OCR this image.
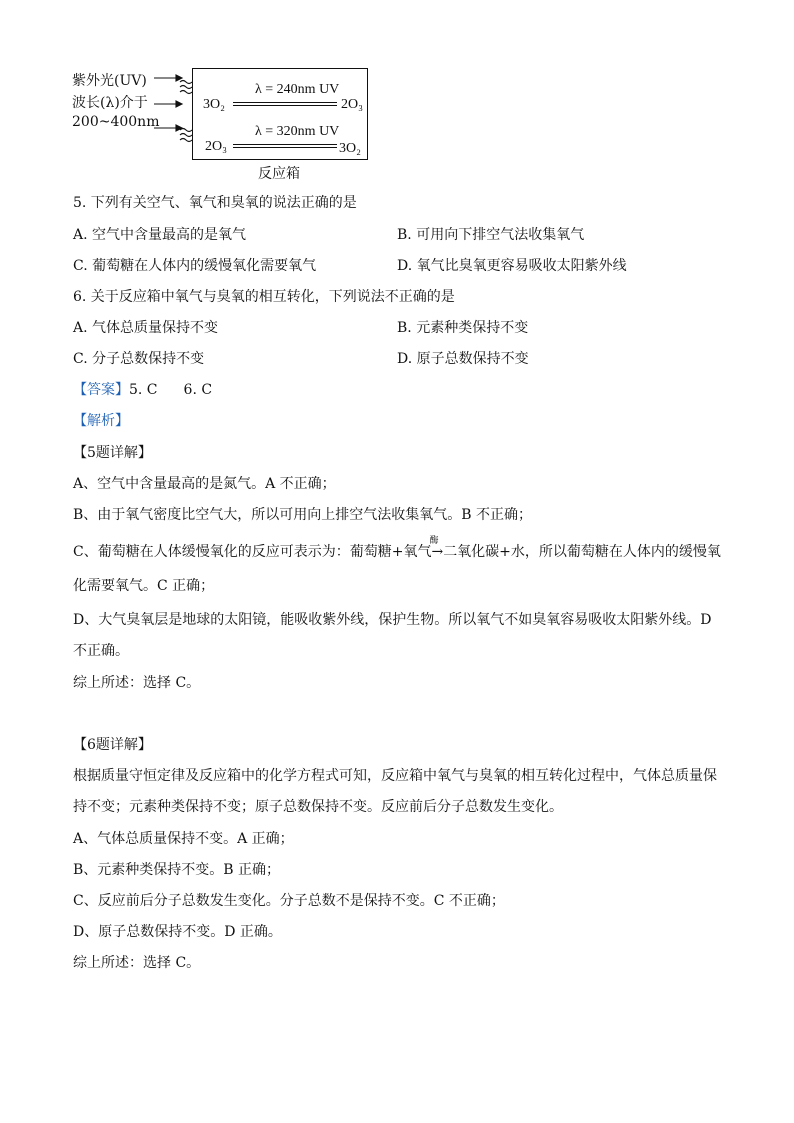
紫外光(UV)
波长(λ)介于
200~400nm
3O₂
λ = 240nm UV
2O₃
2O₃
λ = 320nm UV
3O₂
反应箱
5. 下列有关空气、氧气和臭氧的说法正确的是
A. 空气中含量最高的是氧气	B. 可用向下排空气法收集氧气
C. 葡萄糖在人体内的缓慢氧化需要氧气	D. 氧气比臭氧更容易吸收太阳紫外线
6. 关于反应箱中氧气与臭氧的相互转化，下列说法不正确的是
A. 气体总质量保持不变	B. 元素种类保持不变
C. 分子总数保持不变	D. 原子总数保持不变
【答案】5. C 6. C
【解析】
【5题详解】
A、空气中含量最高的是氮气。A 不正确；
B、由于氧气密度比空气大，所以可用向上排空气法收集氧气。B 不正确；
C、葡萄糖在人体缓慢氧化的反应可表示为：葡萄糖+氧气
酶
→二氧化碳+水，所以葡萄糖在人体内的缓慢氧
化需要氧气。C 正确；
D、大气臭氧层是地球的太阳镜，能吸收紫外线，保护生物。所以氧气不如臭氧容易吸收太阳紫外线。D
不正确。
综上所述：选择 C。
【6题详解】
根据质量守恒定律及反应箱中的化学方程式可知，反应箱中氧气与臭氧的相互转化过程中，气体总质量保
持不变；元素种类保持不变；原子总数保持不变。反应前后分子总数发生变化。
A、气体总质量保持不变。A 正确；
B、元素种类保持不变。B 正确；
C、反应前后分子总数发生变化。分子总数不是保持不变。C 不正确；
D、原子总数保持不变。D 正确。
综上所述：选择 C。
